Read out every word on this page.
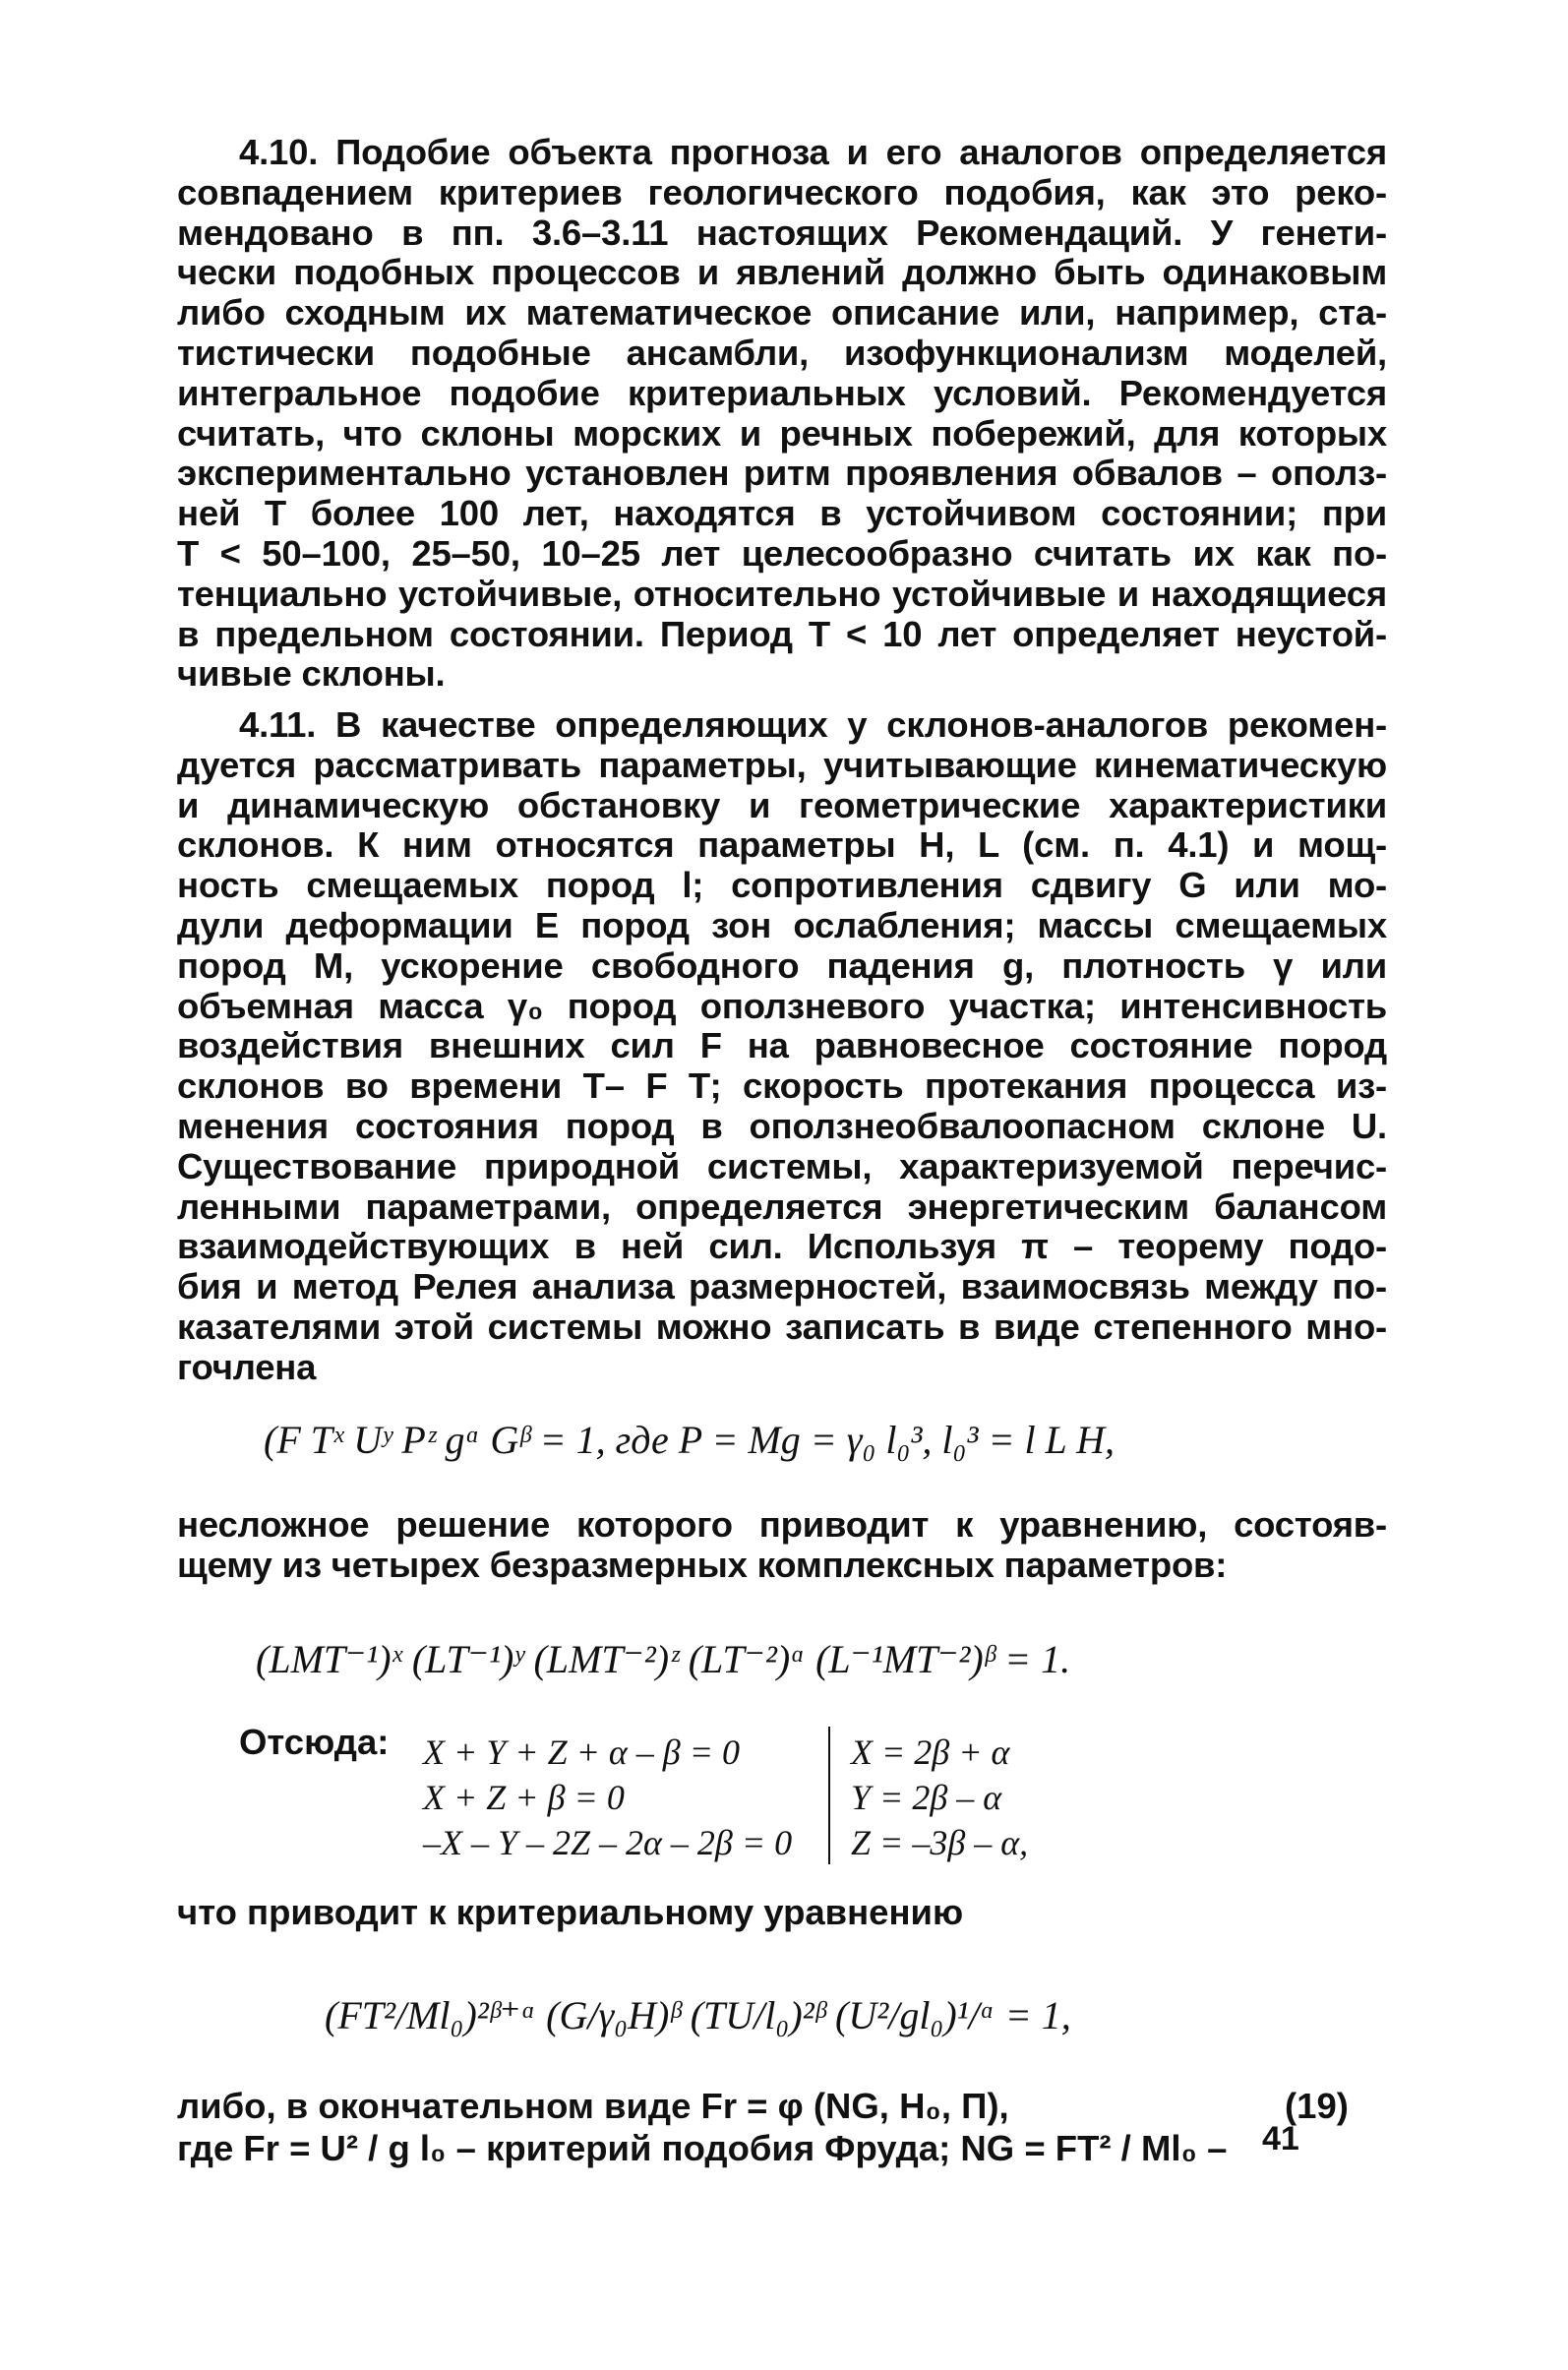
4.10. Подобие объекта прогноза и его аналогов определяется
совпадением критериев геологического подобия, как это реко-
мендовано в пп. 3.6–3.11 настоящих Рекомендаций. У генети-
чески подобных процессов и явлений должно быть одинаковым
либо сходным их математическое описание или, например, ста-
тистически подобные ансамбли, изофункционализм моделей,
интегральное подобие критериальных условий. Рекомендуется
считать, что склоны морских и речных побережий, для которых
экспериментально установлен ритм проявления обвалов – ополз-
ней Т более 100 лет, находятся в устойчивом состоянии; при
Т < 50–100, 25–50, 10–25 лет целесообразно считать их как по-
тенциально устойчивые, относительно устойчивые и находящиеся
в предельном состоянии. Период Т < 10 лет определяет неустой-
чивые склоны.
4.11. В качестве определяющих у склонов-аналогов рекомен-
дуется рассматривать параметры, учитывающие кинематическую
и динамическую обстановку и геометрические характеристики
склонов. К ним относятся параметры H, L (см. п. 4.1) и мощ-
ность смещаемых пород l; сопротивления сдвигу G или мо-
дули деформации Е пород зон ослабления; массы смещаемых
пород М, ускорение свободного падения g, плотность γ или
объемная масса γ₀ пород оползневого участка; интенсивность
воздействия внешних сил F на равновесное состояние пород
склонов во времени Т– F Т; скорость протекания процесса из-
менения состояния пород в оползнеобвалоопасном склоне U.
Существование природной системы, характеризуемой перечис-
ленными параметрами, определяется энергетическим балансом
взаимодействующих в ней сил. Используя π – теорему подо-
бия и метод Релея анализа размерностей, взаимосвязь между по-
казателями этой системы можно записать в виде степенного мно-
гочлена
(F Tˣ Uʸ Pᶻ gᵅ Gᵝ = 1, где P = Mg = γ₀ l₀³, l₀³ = l L H,
несложное решение которого приводит к уравнению, состояв-
щему из четырех безразмерных комплексных параметров:
(LMT⁻¹)ˣ (LT⁻¹)ʸ (LMT⁻²)ᶻ (LT⁻²)ᵅ (L⁻¹MT⁻²)ᵝ = 1.
Отсюда: X + Y + Z + α – β = 0
X + Z + β = 0
–X – Y – 2Z – 2α – 2β = 0
X = 2β + α
Y = 2β – α
Z = –3β – α,
что приводит к критериальному уравнению
(FT²/Ml₀)²ᵝ⁺ᵅ (G/γ₀H)ᵝ (TU/l₀)²ᵝ (U²/gl₀)¹/ᵅ = 1,
либо, в окончательном виде Fr = φ (NG, H₀, П),	(19)
где Fr = U² / g l₀ – критерий подобия Фруда; NG = FT² / Ml₀ – 41
